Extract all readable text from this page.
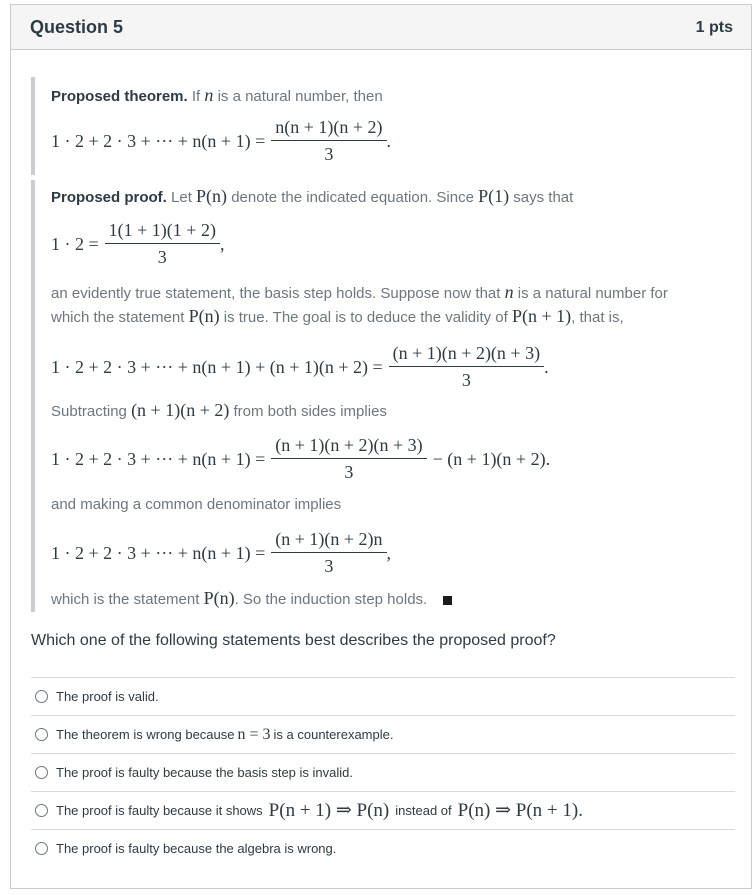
Question 5	1 pts
Proposed theorem. If n is a natural number, then
1 · 2 + 2 · 3 + ··· + $n(n + 1) = \frac{n(n + 1)(n + 2)}{3}$ .
Proposed proof. Let P(n) denote the indicated equation. Since P(1) says that
$1 \cdot 2 = \frac{1(1 + 1)(1 + 2)}{3}$ ,
an evidently true statement, the basis step holds. Suppose now that n is a natural number for
which the statement P(n) is true. The goal is to deduce the validity of P(n + 1), that is,
1 · 2 + 2 · 3 + ··· + $n(n + 1) + (n + 1)(n + 2) = \frac{(n + 1)(n + 2)(n + 3)}{3}$ .
Subtracting (n + 1)(n + 2) from both sides implies
1 · 2 + 2 · 3 + ··· + $n(n + 1) = \frac{(n + 1)(n + 2)(n + 3)}{3} - (n + 1)(n + 2)$.
and making a common denominator implies
1 · 2 + 2 · 3 + ··· + $n(n + 1) = \frac{(n + 1)(n + 2)n}{3}$ ,
which is the statement P(n). So the induction step holds.
Which one of the following statements best describes the proposed proof?
The proof is valid.
The theorem is wrong because n = 3 is a counterexample.
The proof is faulty because the basis step is invalid.
The proof is faulty because it shows P(n + 1) ⇒ P(n) instead of P(n) ⇒ P(n + 1).
The proof is faulty because the algebra is wrong.
